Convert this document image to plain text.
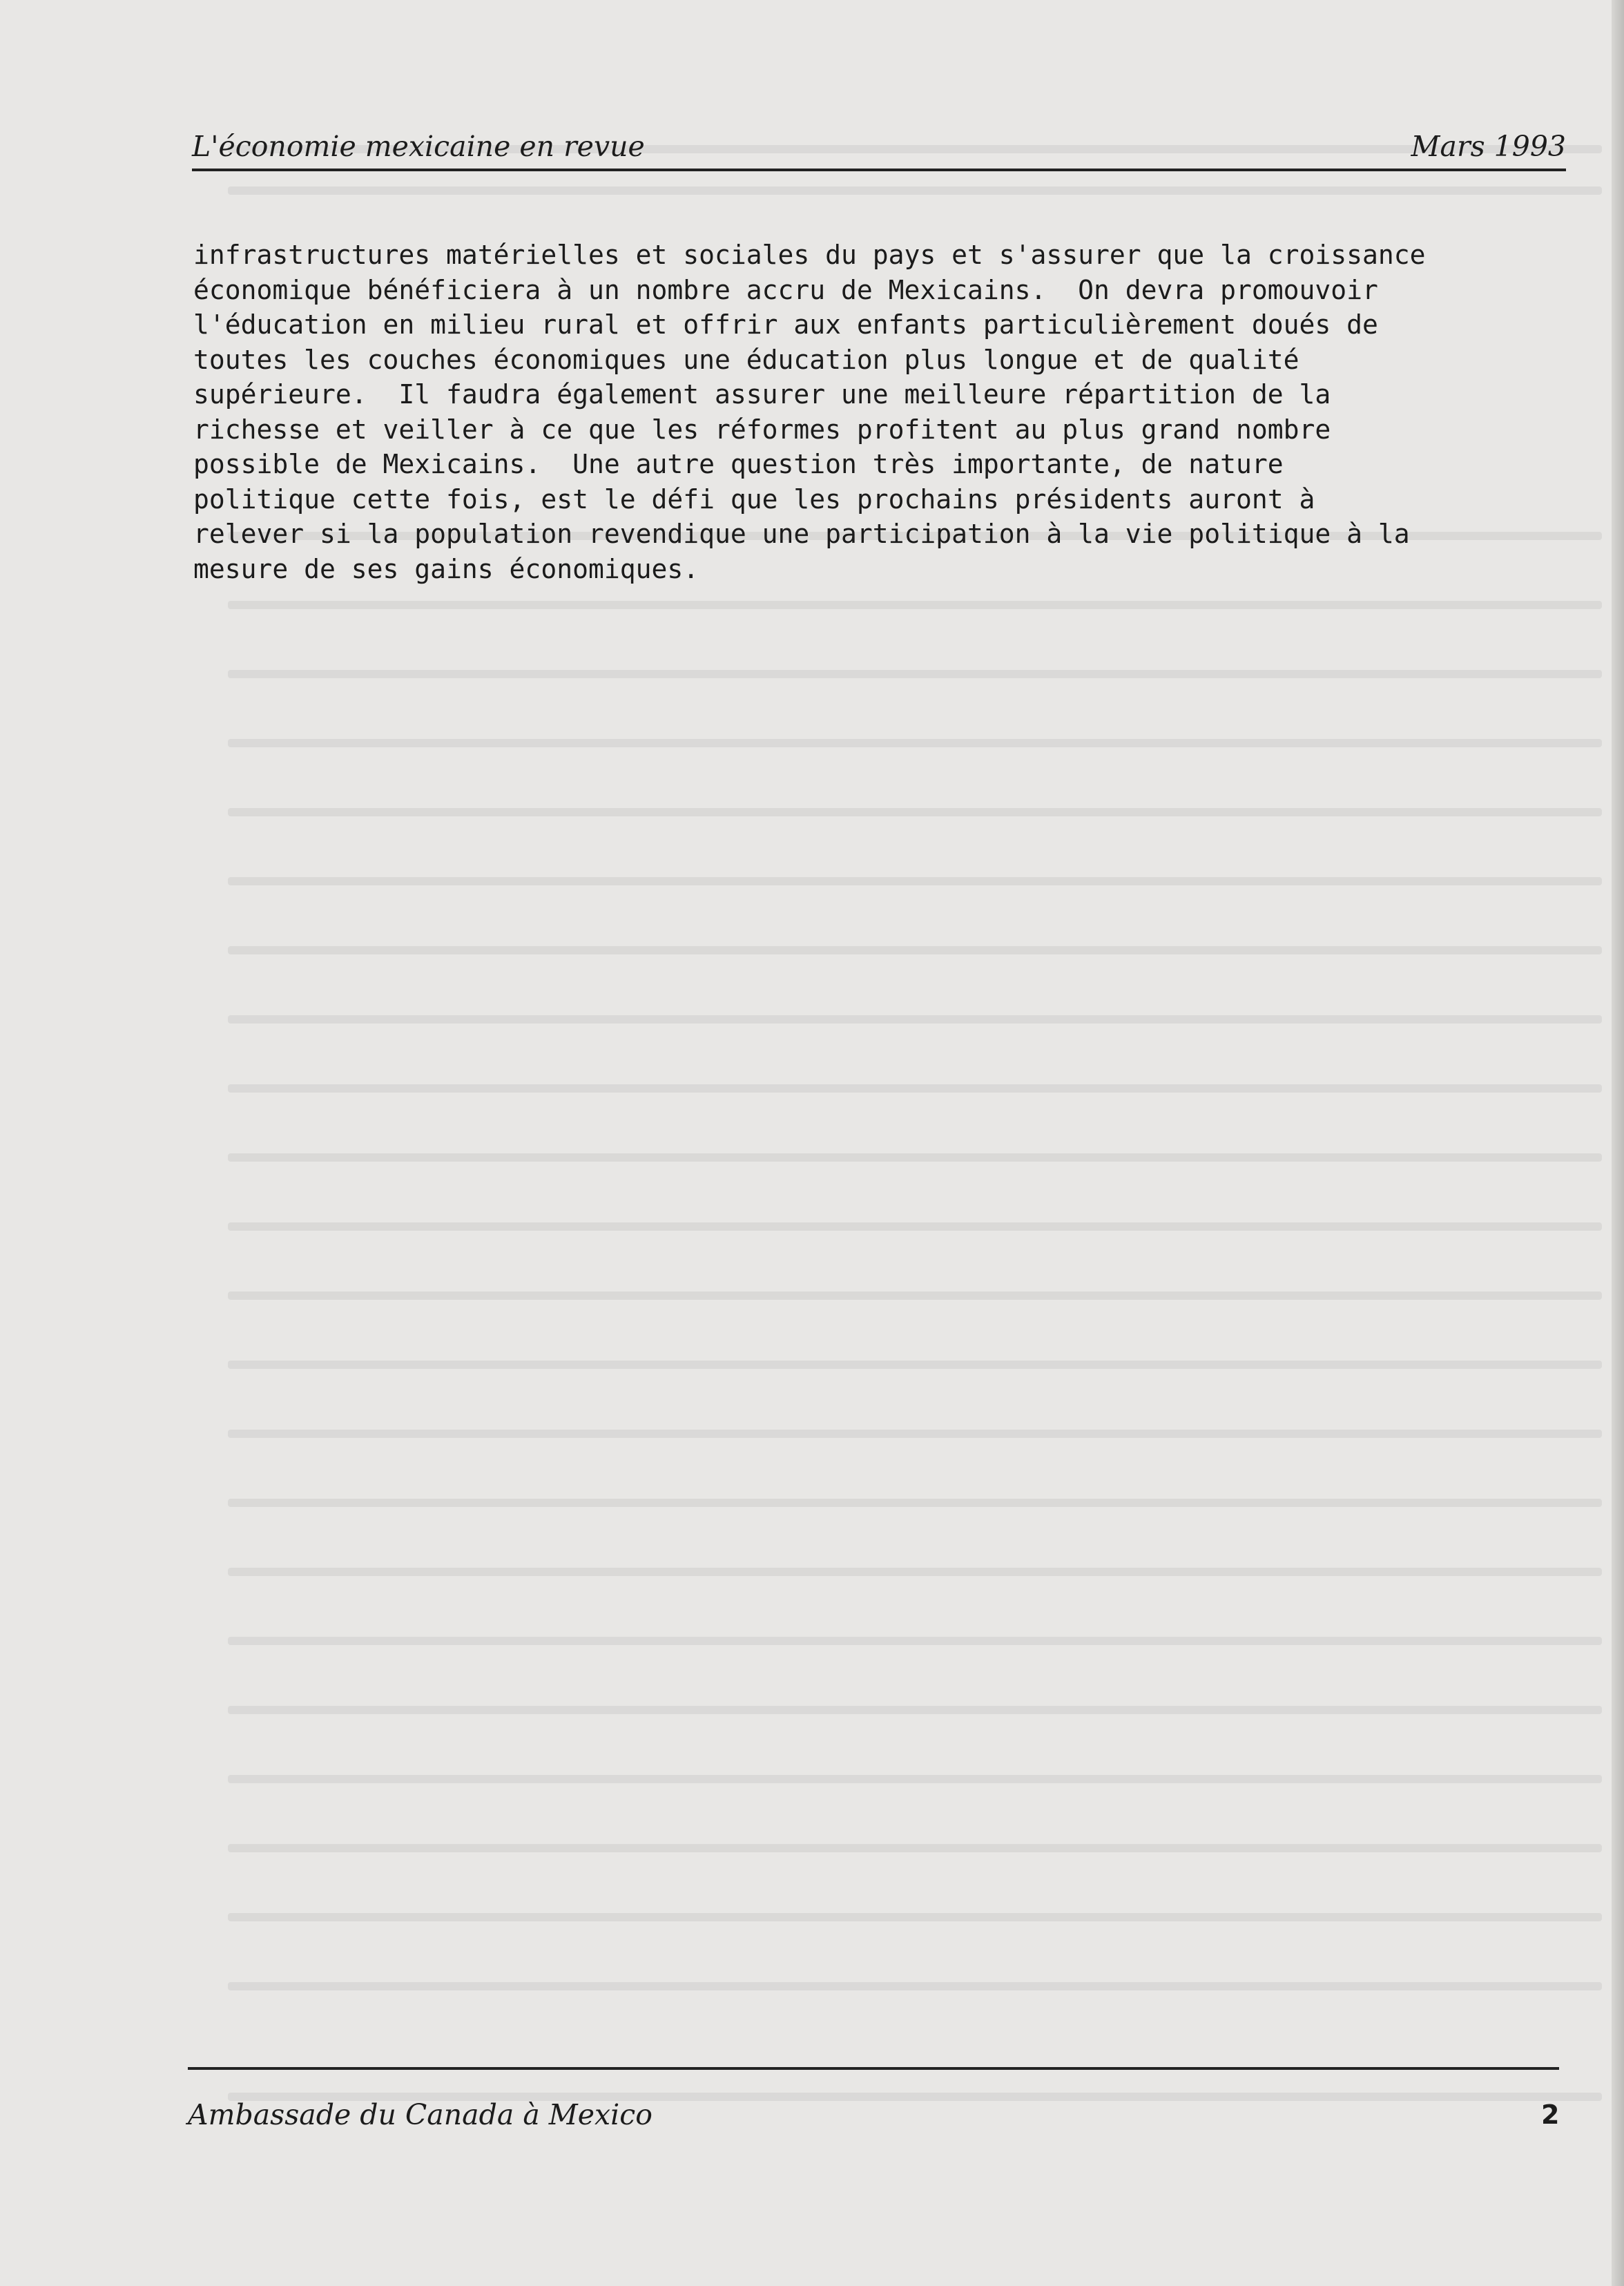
L'économie mexicaine en revue	Mars 1993
infrastructures matérielles et sociales du pays et s'assurer que la croissance
économique bénéficiera à un nombre accru de Mexicains.  On devra promouvoir
l'éducation en milieu rural et offrir aux enfants particulièrement doués de
toutes les couches économiques une éducation plus longue et de qualité
supérieure.  Il faudra également assurer une meilleure répartition de la
richesse et veiller à ce que les réformes profitent au plus grand nombre
possible de Mexicains.  Une autre question très importante, de nature
politique cette fois, est le défi que les prochains présidents auront à
relever si la population revendique une participation à la vie politique à la
mesure de ses gains économiques.
Ambassade du Canada à Mexico	2
